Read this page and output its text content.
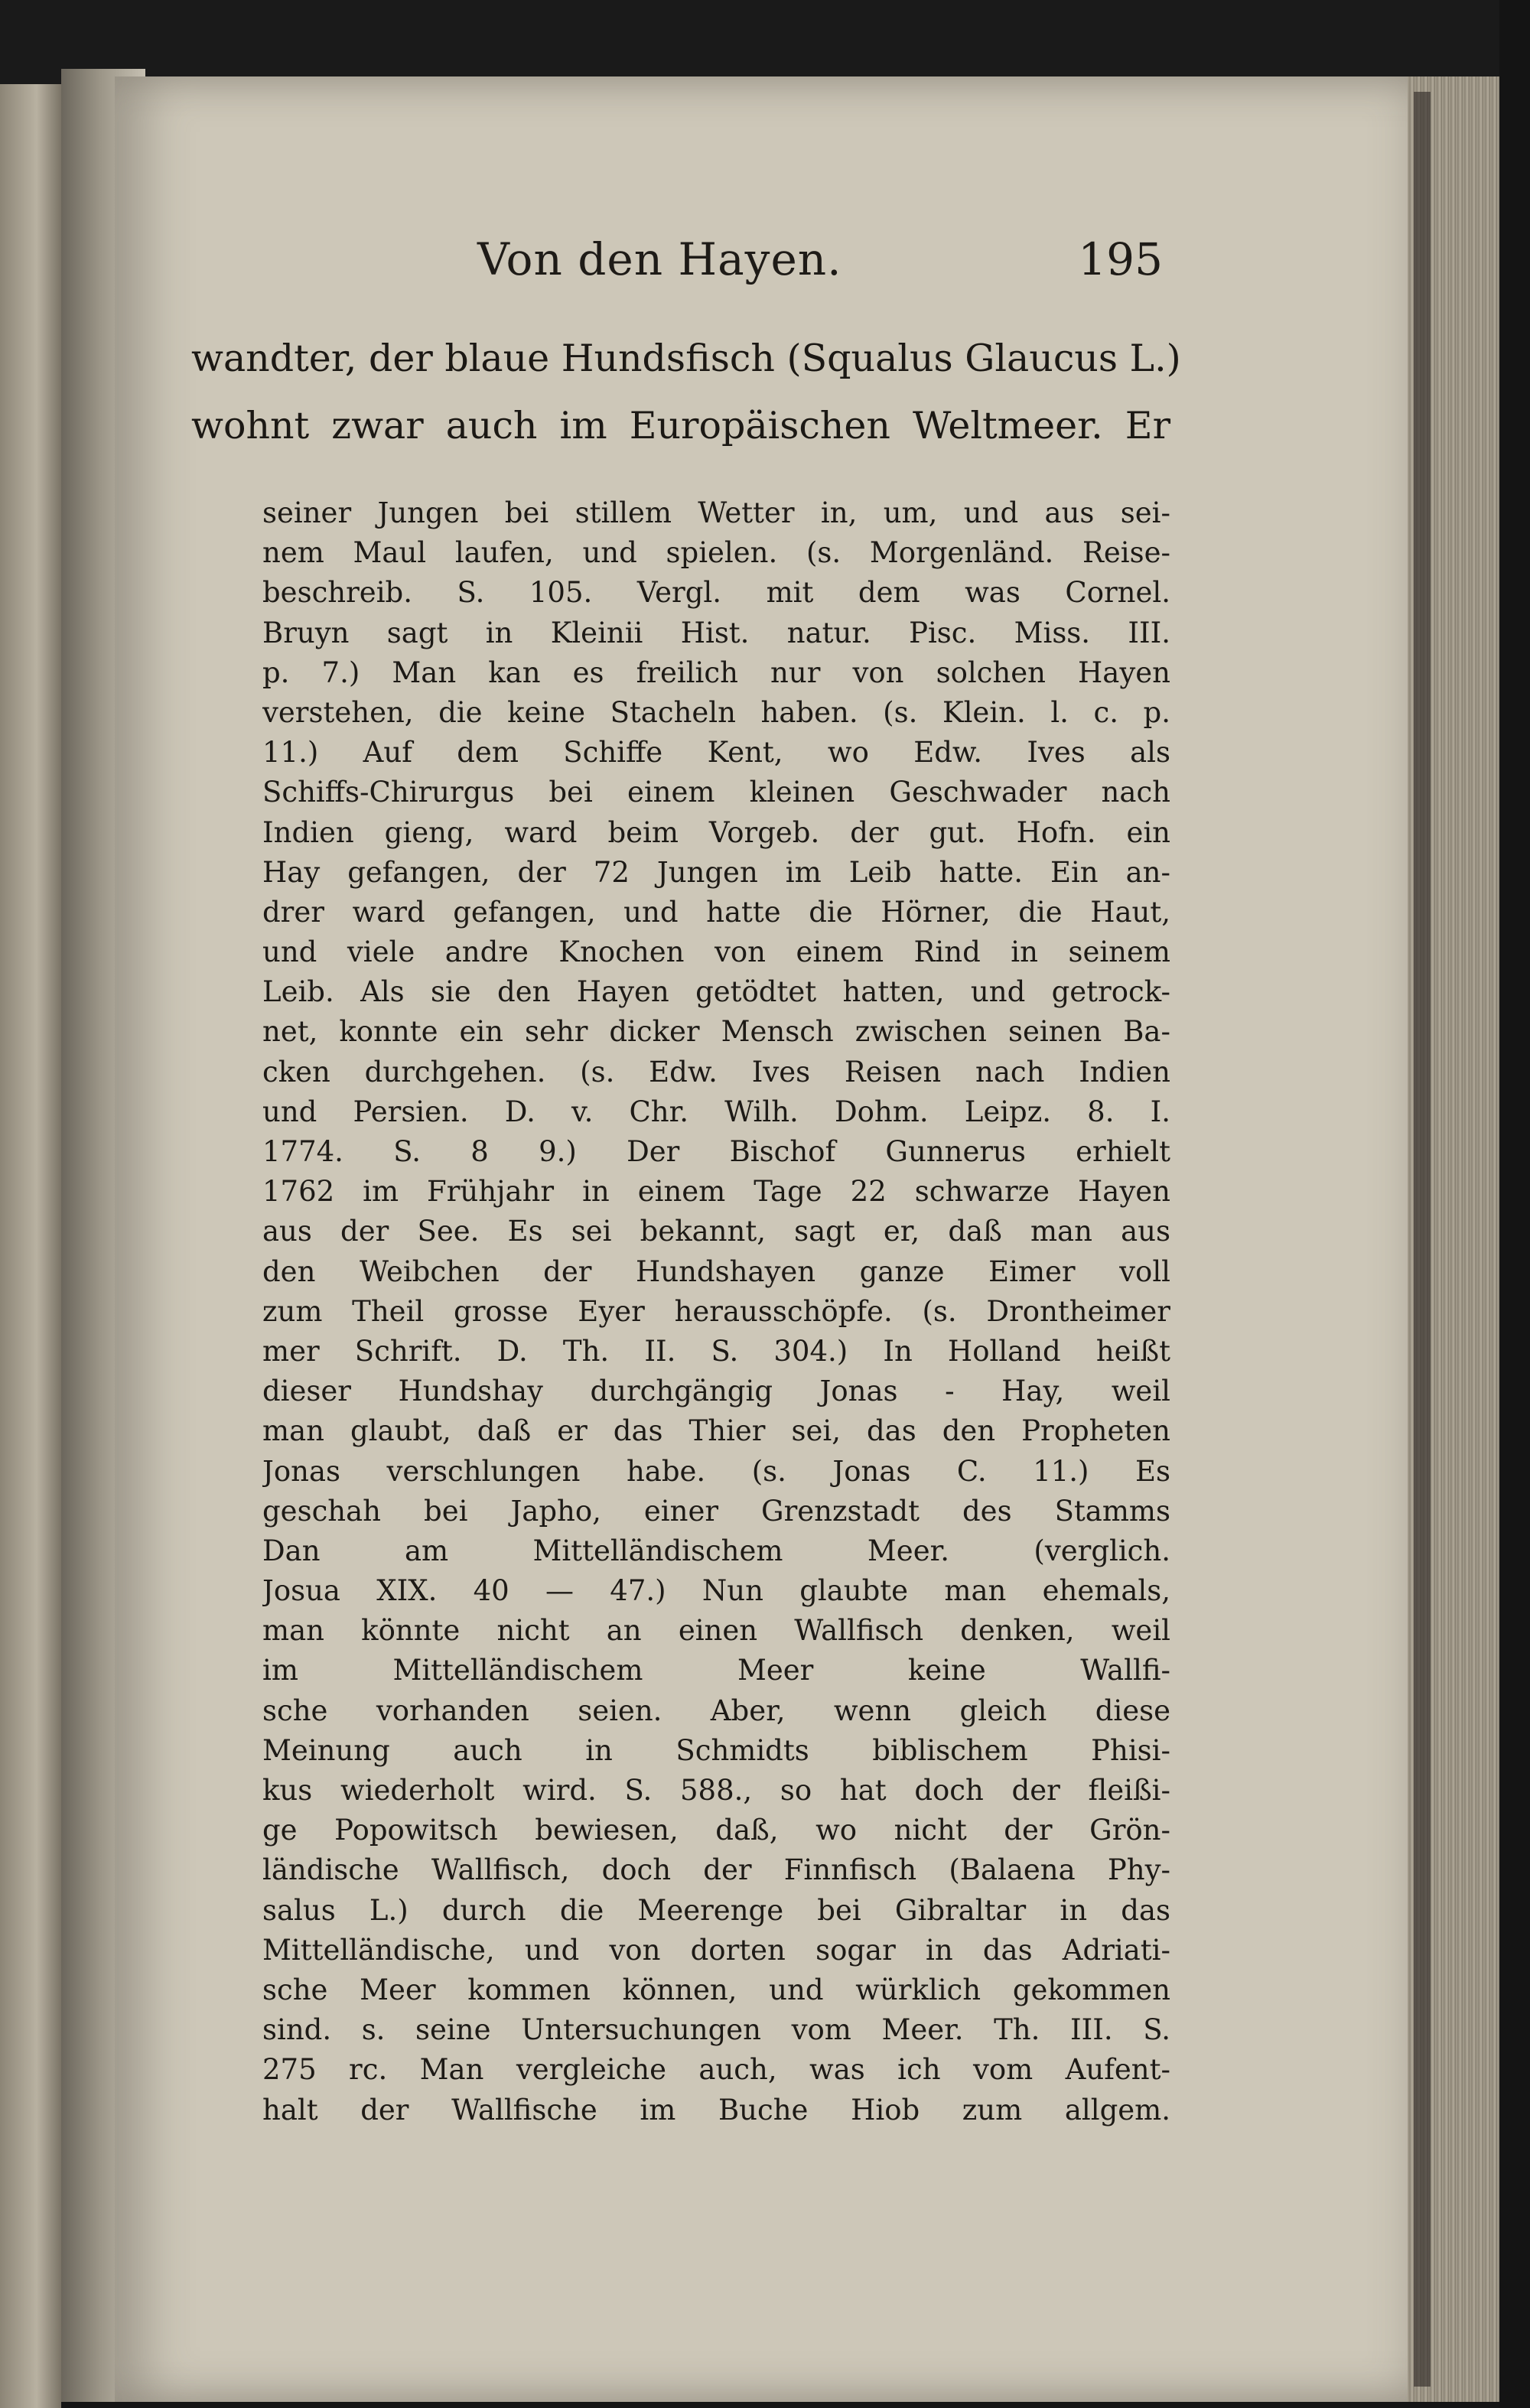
Von den Hayen.	195
wandter, der blaue Hundsfisch (Squalus Glaucus L.)
wohnt zwar auch im Europäischen Weltmeer. Er
seiner Jungen bei stillem Wetter in, um, und aus sei-
nem Maul laufen, und spielen. (s. Morgenländ. Reise-
beschreib. S. 105. Vergl. mit dem was Cornel.
Bruyn sagt in Kleinii Hist. natur. Pisc. Miss. III.
p. 7.) Man kan es freilich nur von solchen Hayen
verstehen, die keine Stacheln haben. (s. Klein. l. c. p.
11.) Auf dem Schiffe Kent, wo Edw. Ives als
Schiffs-Chirurgus bei einem kleinen Geschwader nach
Indien gieng, ward beim Vorgeb. der gut. Hofn. ein
Hay gefangen, der 72 Jungen im Leib hatte. Ein an-
drer ward gefangen, und hatte die Hörner, die Haut,
und viele andre Knochen von einem Rind in seinem
Leib. Als sie den Hayen getödtet hatten, und getrock-
net, konnte ein sehr dicker Mensch zwischen seinen Ba-
cken durchgehen. (s. Edw. Ives Reisen nach Indien
und Persien. D. v. Chr. Wilh. Dohm. Leipz. 8. I.
1774. S. 8 9.) Der Bischof Gunnerus erhielt
1762 im Frühjahr in einem Tage 22 schwarze Hayen
aus der See. Es sei bekannt, sagt er, daß man aus
den Weibchen der Hundshayen ganze Eimer voll
zum Theil grosse Eyer herausschöpfe. (s. Drontheimer
mer Schrift. D. Th. II. S. 304.) In Holland heißt
dieser Hundshay durchgängig Jonas - Hay, weil
man glaubt, daß er das Thier sei, das den Propheten
Jonas verschlungen habe. (s. Jonas C. 11.) Es
geschah bei Japho, einer Grenzstadt des Stamms
Dan am Mittelländischem Meer. (verglich.
Josua XIX. 40 — 47.) Nun glaubte man ehemals,
man könnte nicht an einen Wallfisch denken, weil
im Mittelländischem Meer keine Wallfi-
sche vorhanden seien. Aber, wenn gleich diese
Meinung auch in Schmidts biblischem Phisi-
kus wiederholt wird. S. 588., so hat doch der fleißi-
ge Popowitsch bewiesen, daß, wo nicht der Grön-
ländische Wallfisch, doch der Finnfisch (Balaena Phy-
salus L.) durch die Meerenge bei Gibraltar in das
Mittelländische, und von dorten sogar in das Adriati-
sche Meer kommen können, und würklich gekommen
sind. s. seine Untersuchungen vom Meer. Th. III. S.
275 rc. Man vergleiche auch, was ich vom Aufent-
halt der Wallfische im Buche Hiob zum allgem.
